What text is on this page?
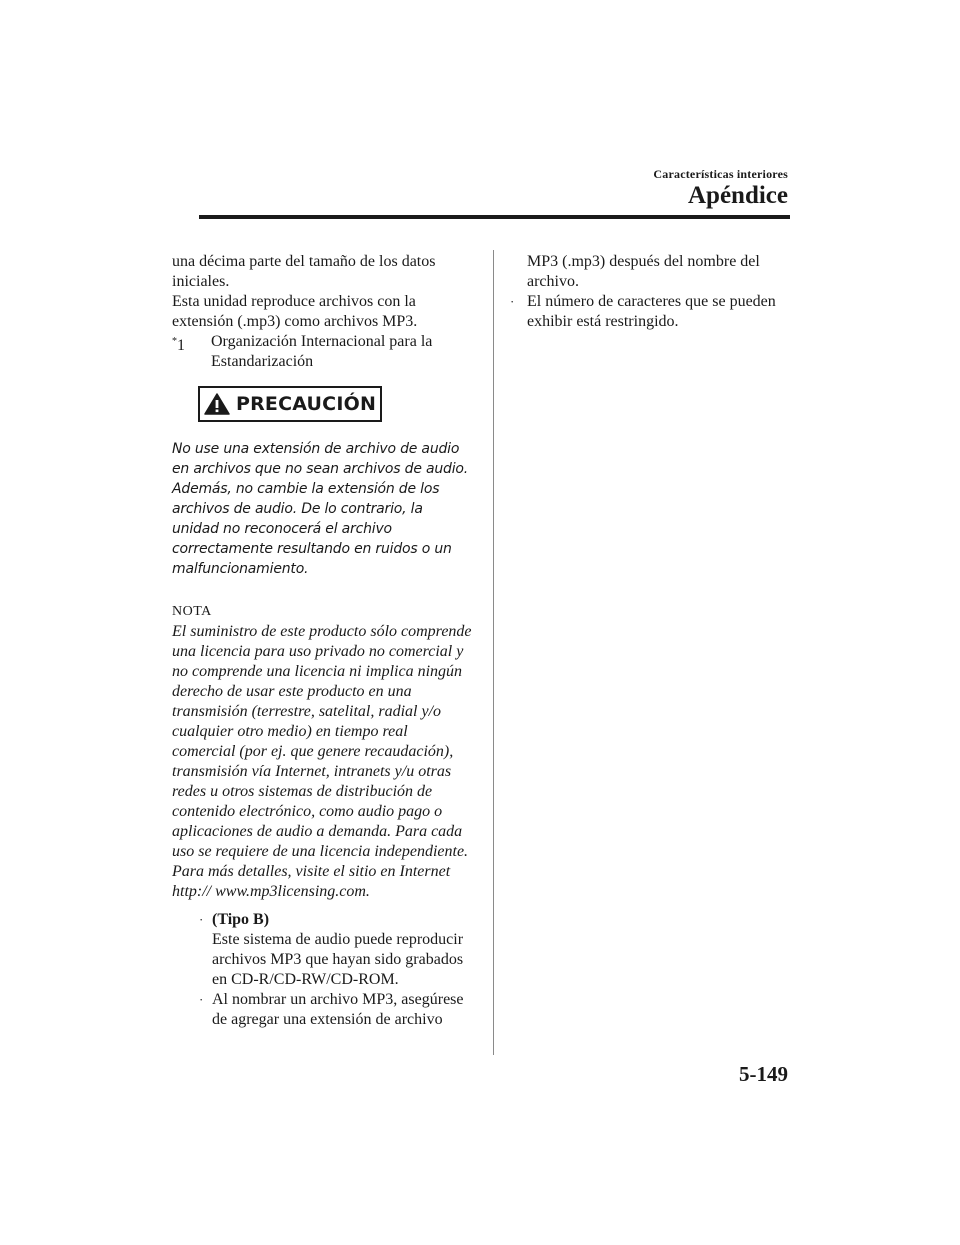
Características interiores
Apéndice

una décima parte del tamaño de los datos iniciales.

Esta unidad reproduce archivos con la extensión (.mp3) como archivos MP3.

*1	Organización Internacional para la Estandarización
PRECAUCIÓN
No use una extensión de archivo de audio en archivos que no sean archivos de audio. Además, no cambie la extensión de los archivos de audio. De lo contrario, la unidad no reconocerá el archivo correctamente resultando en ruidos o un malfuncionamiento.
NOTA

El suministro de este producto sólo comprende una licencia para uso privado no comercial y no comprende una licencia ni implica ningún derecho de usar este producto en una transmisión (terrestre, satelital, radial y/o cualquier otro medio) en tiempo real comercial (por ej. que genere recaudación), transmisión vía Internet, intranets y/u otras redes u otros sistemas de distribución de contenido electrónico, como audio pago o aplicaciones de audio a demanda. Para cada uso se requiere de una licencia independiente. Para más detalles, visite el sitio en Internet http:// www.mp3licensing.com.

· (Tipo B)
Este sistema de audio puede reproducir archivos MP3 que hayan sido grabados en CD-R/CD-RW/CD-ROM.
· Al nombrar un archivo MP3, asegúrese de agregar una extensión de archivo

MP3 (.mp3) después del nombre del archivo.

· El número de caracteres que se pueden exhibir está restringido.
5-149
